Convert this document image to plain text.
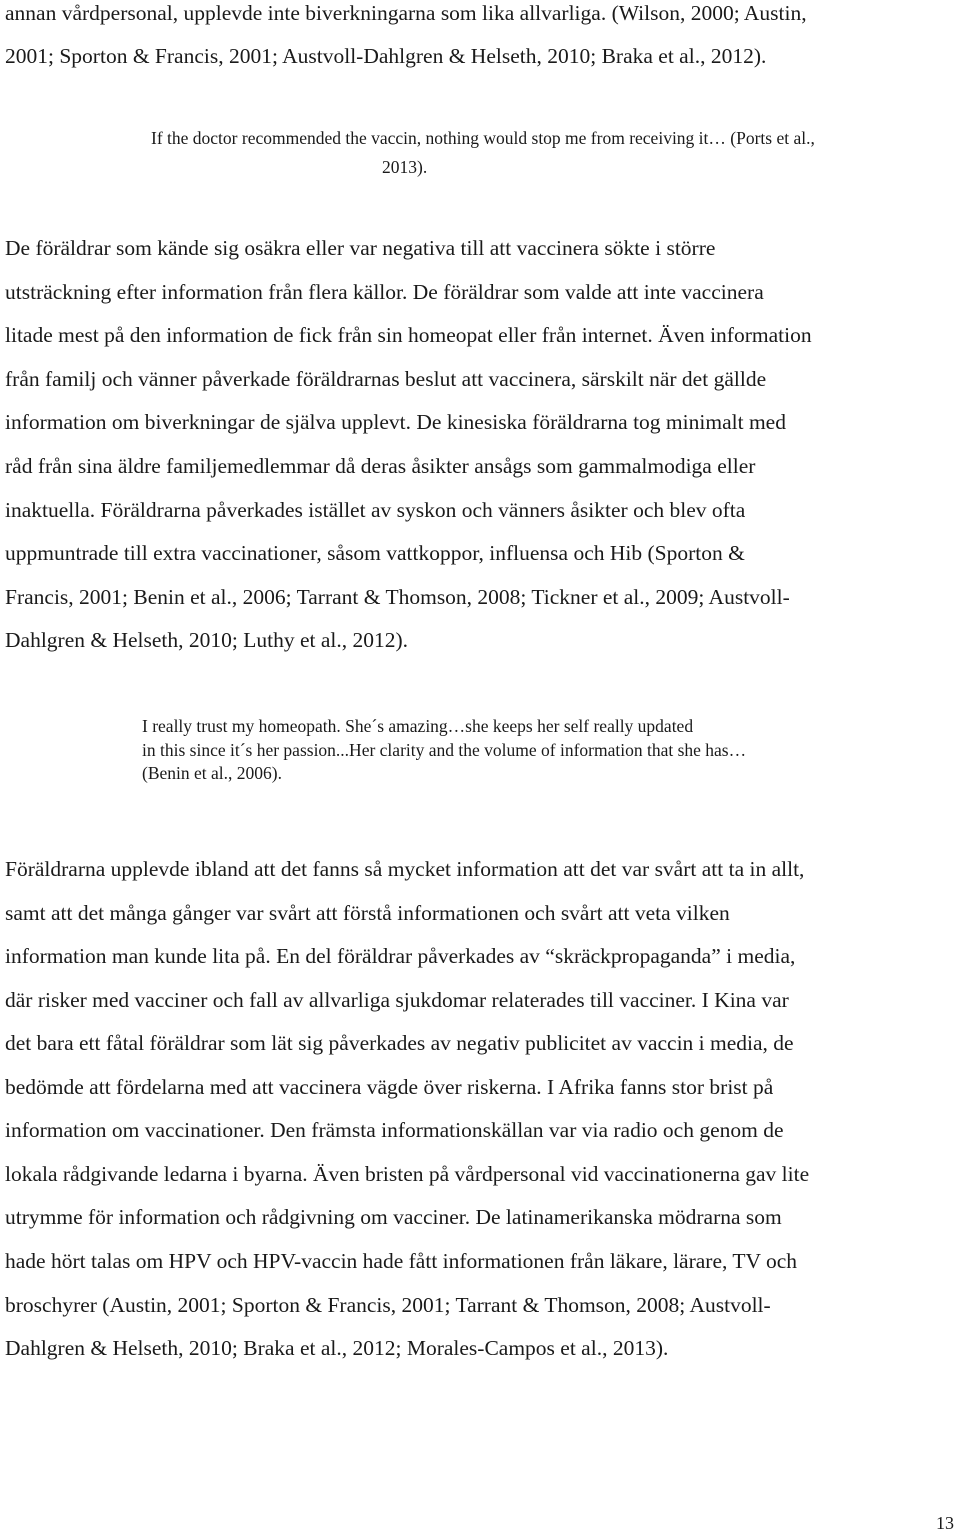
annan vårdpersonal, upplevde inte biverkningarna som lika allvarliga. (Wilson, 2000; Austin,
2001; Sporton & Francis, 2001; Austvoll-Dahlgren & Helseth, 2010; Braka et al., 2012).
If the doctor recommended the vaccin, nothing would stop me from receiving it… (Ports et al.,
2013).
De föräldrar som kände sig osäkra eller var negativa till att vaccinera sökte i större
utsträckning efter information från flera källor. De föräldrar som valde att inte vaccinera
litade mest på den information de fick från sin homeopat eller från internet. Även information
från familj och vänner påverkade föräldrarnas beslut att vaccinera, särskilt när det gällde
information om biverkningar de själva upplevt. De kinesiska föräldrarna tog minimalt med
råd från sina äldre familjemedlemmar då deras åsikter ansågs som gammalmodiga eller
inaktuella. Föräldrarna påverkades istället av syskon och vänners åsikter och blev ofta
uppmuntrade till extra vaccinationer, såsom vattkoppor, influensa och Hib (Sporton &
Francis, 2001; Benin et al., 2006; Tarrant & Thomson, 2008; Tickner et al., 2009; Austvoll-
Dahlgren & Helseth, 2010; Luthy et al., 2012).
I really trust my homeopath. She´s amazing…she keeps her self really updated
in this since it´s her passion...Her clarity and the volume of information that she has…
(Benin et al., 2006).
Föräldrarna upplevde ibland att det fanns så mycket information att det var svårt att ta in allt,
samt att det många gånger var svårt att förstå informationen och svårt att veta vilken
information man kunde lita på. En del föräldrar påverkades av “skräckpropaganda” i media,
där risker med vacciner och fall av allvarliga sjukdomar relaterades till vacciner. I Kina var
det bara ett fåtal föräldrar som lät sig påverkades av negativ publicitet av vaccin i media, de
bedömde att fördelarna med att vaccinera vägde över riskerna. I Afrika fanns stor brist på
information om vaccinationer. Den främsta informationskällan var via radio och genom de
lokala rådgivande ledarna i byarna. Även bristen på vårdpersonal vid vaccinationerna gav lite
utrymme för information och rådgivning om vacciner. De latinamerikanska mödrarna som
hade hört talas om HPV och HPV-vaccin hade fått informationen från läkare, lärare, TV och
broschyrer (Austin, 2001; Sporton & Francis, 2001; Tarrant & Thomson, 2008; Austvoll-
Dahlgren & Helseth, 2010; Braka et al., 2012; Morales-Campos et al., 2013).
13
